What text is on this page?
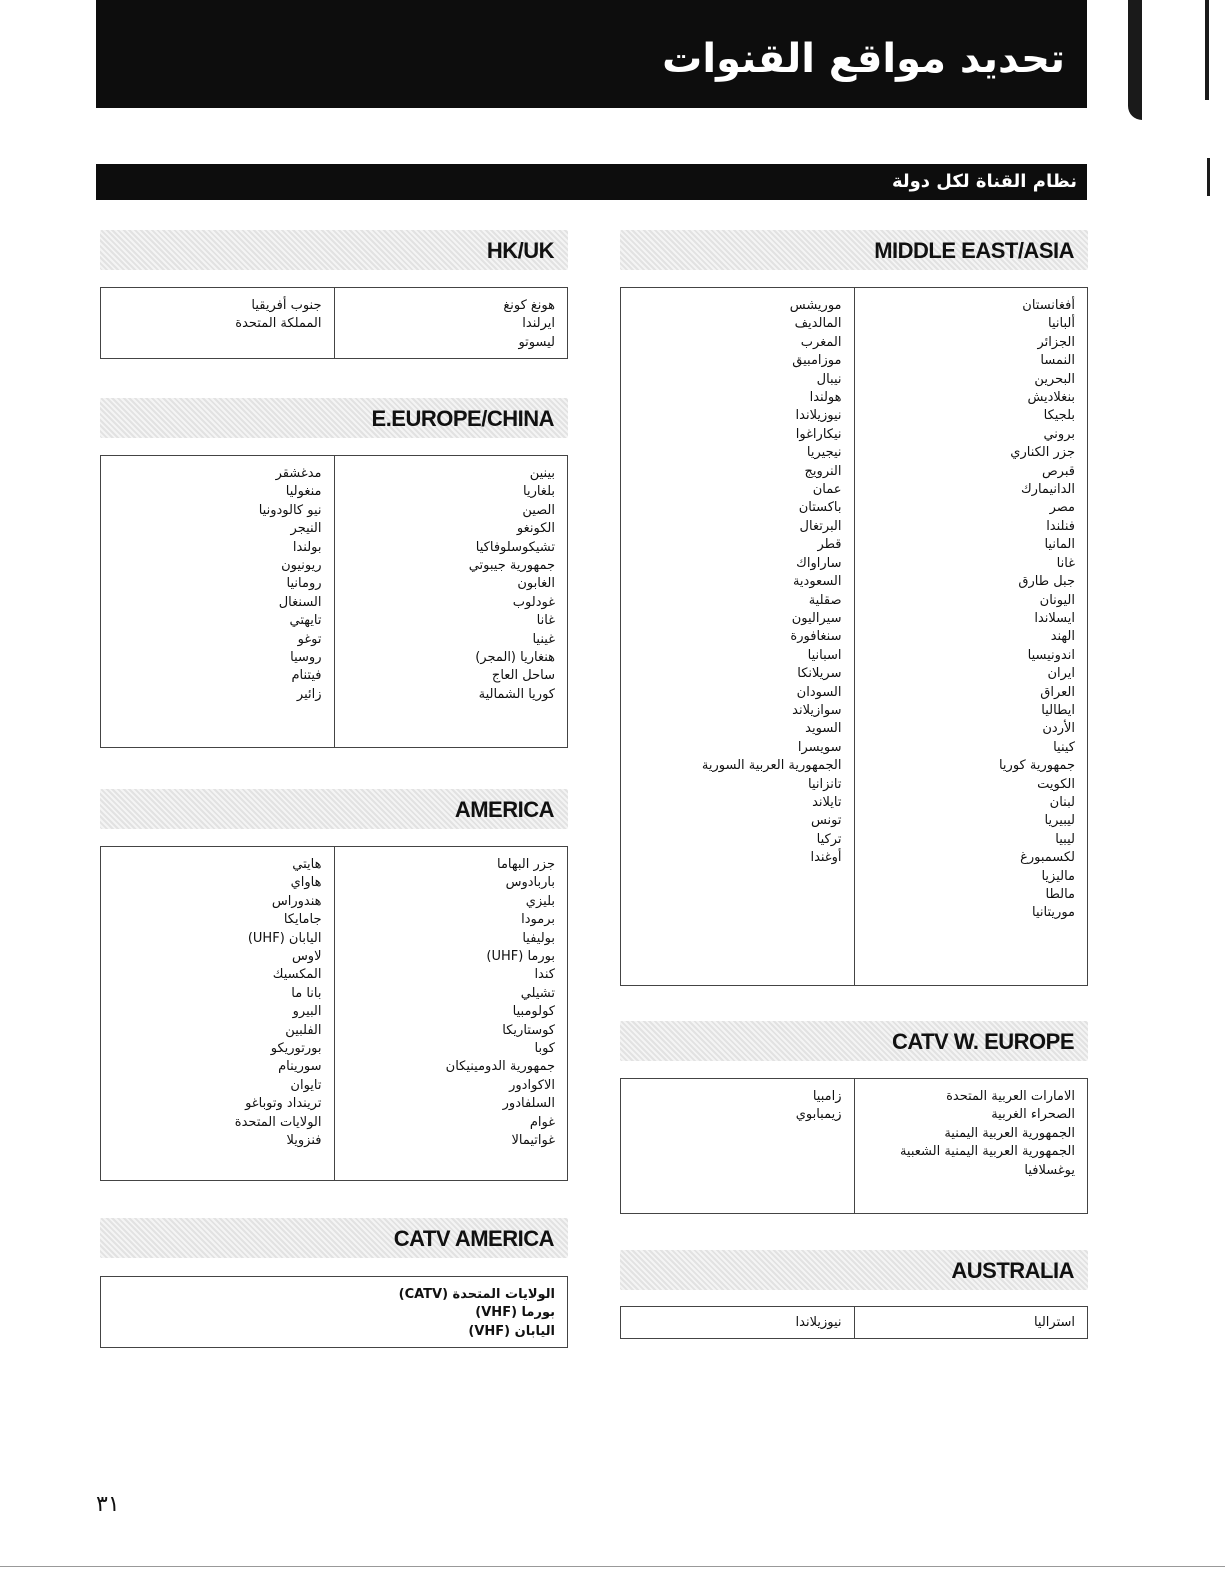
تحديد مواقع القنوات
نظام القناة لكل دولة
MIDDLE EAST/ASIA
أفغانستان
ألبانيا
الجزائر
النمسا
البحرين
بنغلاديش
بلجيكا
بروني
جزر الكناري
قبرص
الدانيمارك
مصر
فنلندا
المانيا
غانا
جبل طارق
اليونان
ايسلاندا
الهند
اندونيسيا
ايران
العراق
ايطاليا
الأردن
كينيا
جمهورية كوريا
الكويت
لبنان
ليبيريا
ليبيا
لكسمبورغ
ماليزيا
مالطا
موريتانيا
موريشس
المالديف
المغرب
موزامبيق
نيبال
هولندا
نيوزيلاندا
نيكاراغوا
نيجيريا
النرويج
عمان
باكستان
البرتغال
قطر
ساراواك
السعودية
صقلية
سيراليون
سنغافورة
اسبانيا
سريلانكا
السودان
سوازيلاند
السويد
سويسرا
الجمهورية العربية السورية
تانزانيا
تايلاند
تونس
تركيا
أوغندا
HK/UK
هونغ كونغ
ايرلندا
ليسوتو
جنوب أفريقيا
المملكة المتحدة
E.EUROPE/CHINA
بينين
بلغاريا
الصين
الكونغو
تشيكوسلوفاكيا
جمهورية جيبوتي
الغابون
غودلوب
غانا
غينيا
هنغاريا (المجر)
ساحل العاج
كوريا الشمالية
مدغشقر
منغوليا
نيو كالودونيا
النيجر
بولندا
ريونيون
رومانيا
السنغال
تايهتي
توغو
روسيا
فيتنام
زائير
AMERICA
جزر البهاما
باربادوس
بليزي
برمودا
بوليفيا
بورما (UHF)
كندا
تشيلي
كولومبيا
كوستاريكا
كوبا
جمهورية الدومينيكان
الاكوادور
السلفادور
غوام
غواتيمالا
هايتي
هاواي
هندوراس
جامايكا
اليابان (UHF)
لاوس
المكسيك
بانا ما
البيرو
الفلبين
بورتوريكو
سورينام
تايوان
ترينداد وتوباغو
الولايات المتحدة
فنزويلا
CATV W. EUROPE
الامارات العربية المتحدة
الصحراء الغربية
الجمهورية العربية اليمنية
الجمهورية العربية اليمنية الشعبية
يوغسلافيا
زامبيا
زيمبابوي
CATV AMERICA
الولايات المتحدة (CATV)
بورما (VHF)
اليابان (VHF)
AUSTRALIA
استراليا
نيوزيلاندا
٣١
